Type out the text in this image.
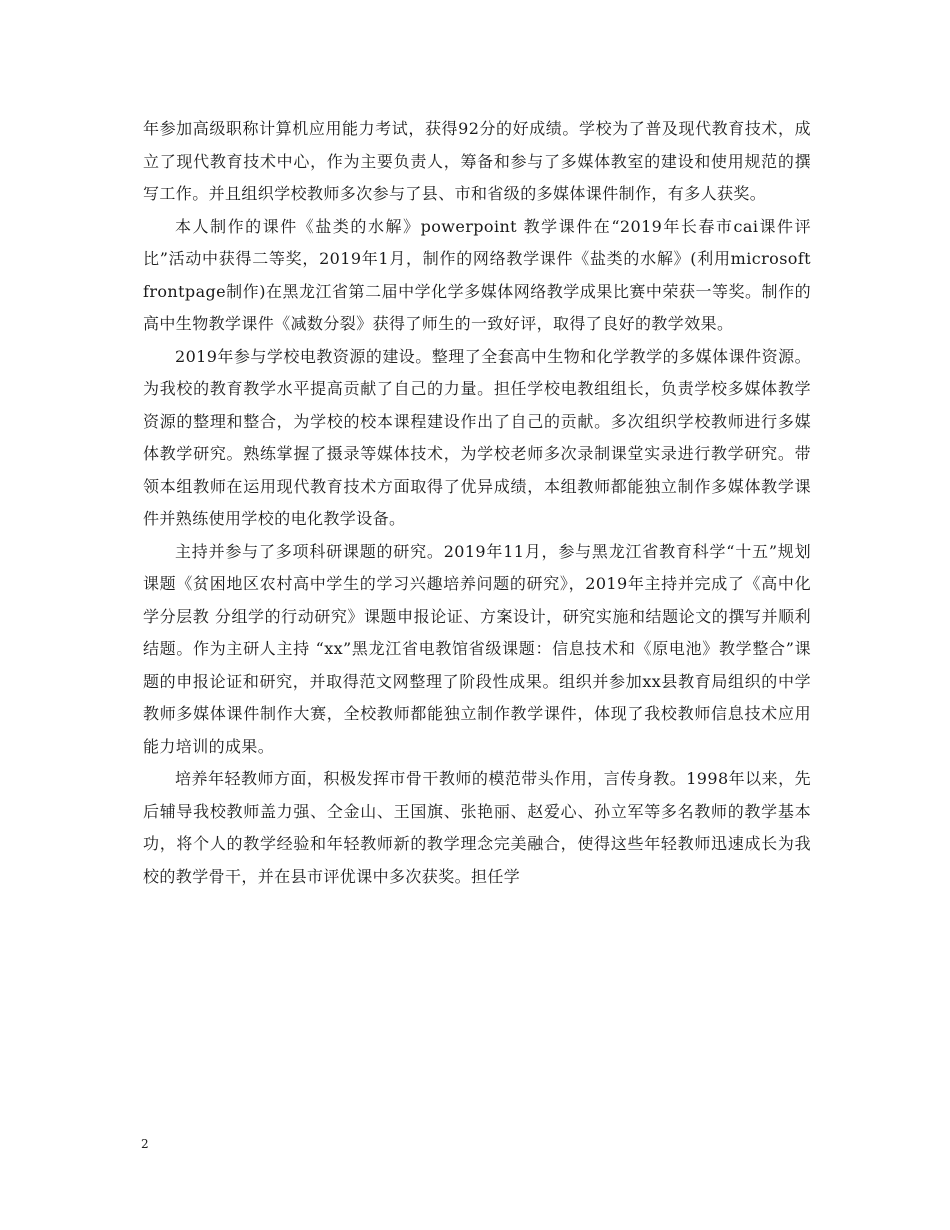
年参加高级职称计算机应用能力考试，获得92分的好成绩。学校为了普及现代教育技术，成立了现代教育技术中心，作为主要负责人，筹备和参与了多媒体教室的建设和使用规范的撰写工作。并且组织学校教师多次参与了县、市和省级的多媒体课件制作，有多人获奖。

本人制作的课件《盐类的水解》powerpoint 教学课件在“2019年长春市cai课件评比”活动中获得二等奖，2019年1月，制作的网络教学课件《盐类的水解》(利用microsoft frontpage制作)在黑龙江省第二届中学化学多媒体网络教学成果比赛中荣获一等奖。制作的高中生物教学课件《减数分裂》获得了师生的一致好评，取得了良好的教学效果。

2019年参与学校电教资源的建设。整理了全套高中生物和化学教学的多媒体课件资源。为我校的教育教学水平提高贡献了自己的力量。担任学校电教组组长，负责学校多媒体教学资源的整理和整合，为学校的校本课程建设作出了自己的贡献。多次组织学校教师进行多媒体教学研究。熟练掌握了摄录等媒体技术，为学校老师多次录制课堂实录进行教学研究。带领本组教师在运用现代教育技术方面取得了优异成绩，本组教师都能独立制作多媒体教学课件并熟练使用学校的电化教学设备。

主持并参与了多项科研课题的研究。2019年11月，参与黑龙江省教育科学“十五”规划课题《贫困地区农村高中学生的学习兴趣培养问题的研究》，2019年主持并完成了《高中化学分层教 分组学的行动研究》课题申报论证、方案设计，研究实施和结题论文的撰写并顺利结题。作为主研人主持 “xx”黑龙江省电教馆省级课题：信息技术和《原电池》教学整合”课题的申报论证和研究，并取得范文网整理了阶段性成果。组织并参加xx县教育局组织的中学教师多媒体课件制作大赛，全校教师都能独立制作教学课件，体现了我校教师信息技术应用能力培训的成果。

培养年轻教师方面，积极发挥市骨干教师的模范带头作用，言传身教。1998年以来，先后辅导我校教师盖力强、仝金山、王国旗、张艳丽、赵爱心、孙立军等多名教师的教学基本功，将个人的教学经验和年轻教师新的教学理念完美融合，使得这些年轻教师迅速成长为我校的教学骨干，并在县市评优课中多次获奖。担任学

2
